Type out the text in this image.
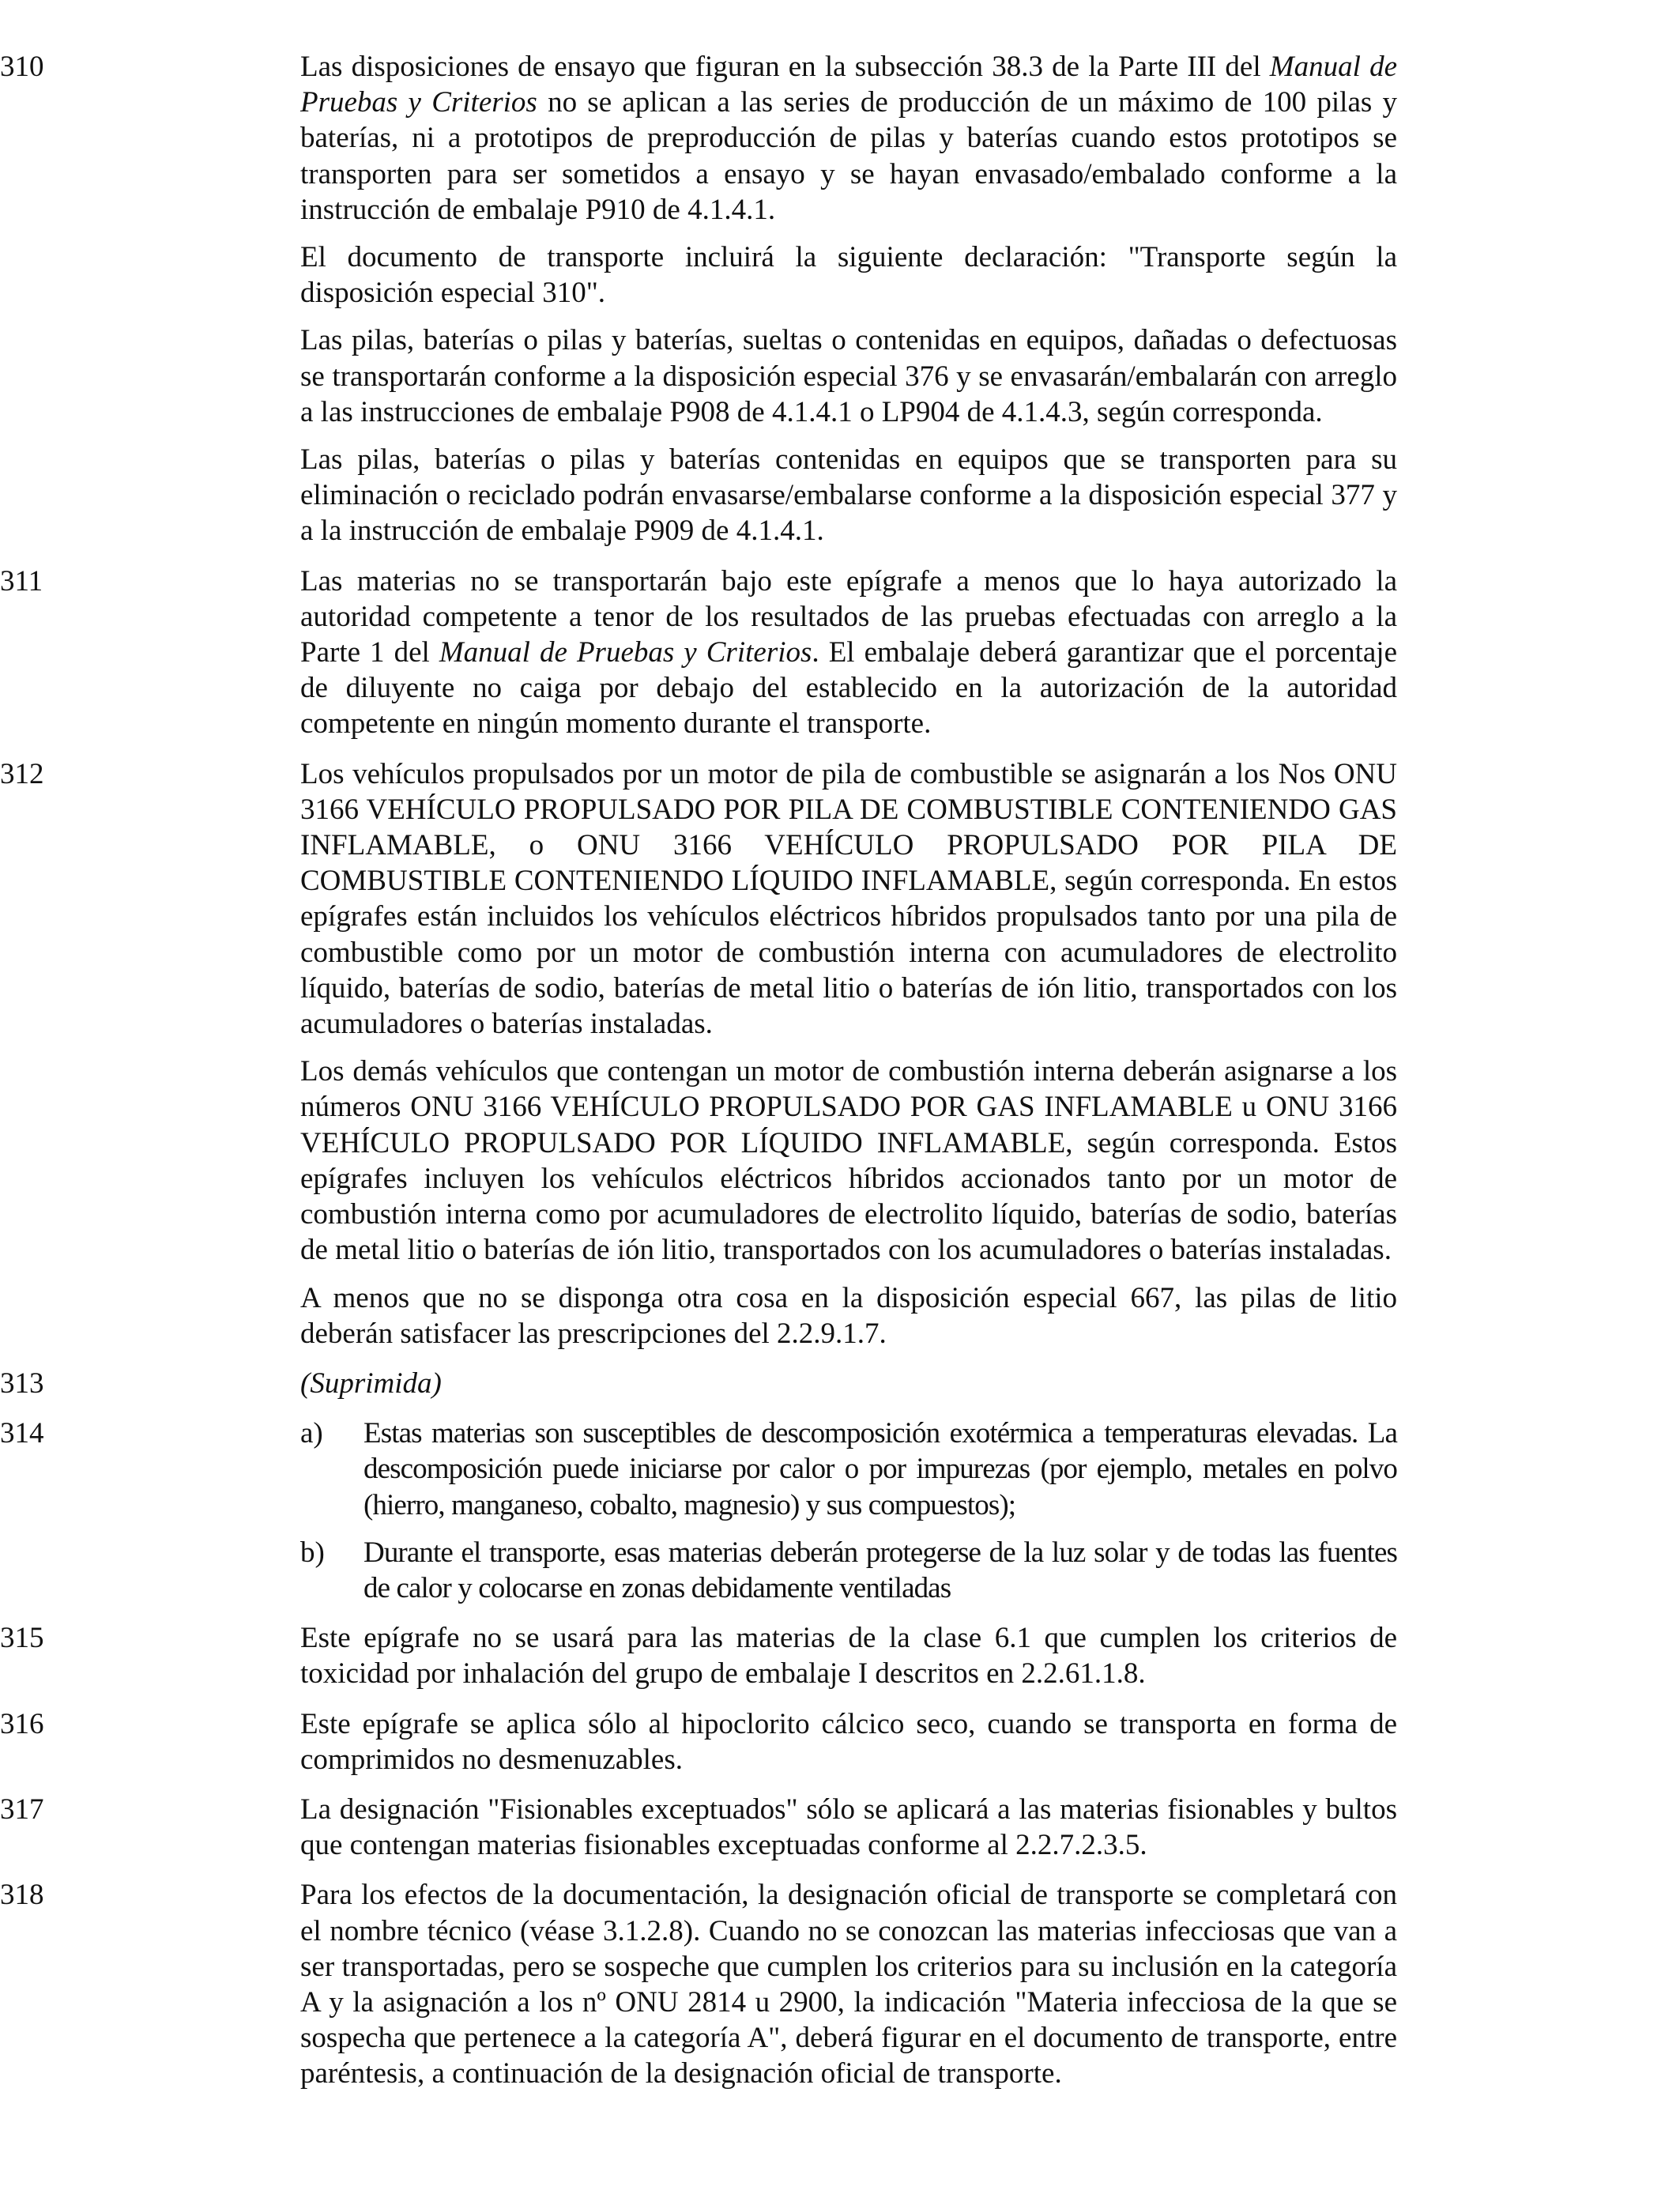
310	Las disposiciones de ensayo que figuran en la subsección 38.3 de la Parte III del Manual de Pruebas y Criterios no se aplican a las series de producción de un máximo de 100 pilas y baterías, ni a prototipos de preproducción de pilas y baterías cuando estos prototipos se transporten para ser sometidos a ensayo y se hayan envasado/embalado conforme a la instrucción de embalaje P910 de 4.1.4.1.
El documento de transporte incluirá la siguiente declaración: "Transporte según la disposición especial 310".
Las pilas, baterías o pilas y baterías, sueltas o contenidas en equipos, dañadas o defectuosas se transportarán conforme a la disposición especial 376 y se envasarán/embalarán con arreglo a las instrucciones de embalaje P908 de 4.1.4.1 o LP904 de 4.1.4.3, según corresponda.
Las pilas, baterías o pilas y baterías contenidas en equipos que se transporten para su eliminación o reciclado podrán envasarse/embalarse conforme a la disposición especial 377 y a la instrucción de embalaje P909 de 4.1.4.1.
311	Las materias no se transportarán bajo este epígrafe a menos que lo haya autorizado la autoridad competente a tenor de los resultados de las pruebas efectuadas con arreglo a la Parte 1 del Manual de Pruebas y Criterios. El embalaje deberá garantizar que el porcentaje de diluyente no caiga por debajo del establecido en la autorización de la autoridad competente en ningún momento durante el transporte.
312	Los vehículos propulsados por un motor de pila de combustible se asignarán a los Nos ONU 3166 VEHÍCULO PROPULSADO POR PILA DE COMBUSTIBLE CONTENIENDO GAS INFLAMABLE, o ONU 3166 VEHÍCULO PROPULSADO POR PILA DE COMBUSTIBLE CONTENIENDO LÍQUIDO INFLAMABLE, según corresponda. En estos epígrafes están incluidos los vehículos eléctricos híbridos propulsados tanto por una pila de combustible como por un motor de combustión interna con acumuladores de electrolito líquido, baterías de sodio, baterías de metal litio o baterías de ión litio, transportados con los acumuladores o baterías instaladas.
Los demás vehículos que contengan un motor de combustión interna deberán asignarse a los números ONU 3166 VEHÍCULO PROPULSADO POR GAS INFLAMABLE u ONU 3166 VEHÍCULO PROPULSADO POR LÍQUIDO INFLAMABLE, según corresponda. Estos epígrafes incluyen los vehículos eléctricos híbridos accionados tanto por un motor de combustión interna como por acumuladores de electrolito líquido, baterías de sodio, baterías de metal litio o baterías de ión litio, transportados con los acumuladores o baterías instaladas.
A menos que no se disponga otra cosa en la disposición especial 667, las pilas de litio deberán satisfacer las prescripciones del 2.2.9.1.7.
313	(Suprimida)
314	a) Estas materias son susceptibles de descomposición exotérmica a temperaturas elevadas. La descomposición puede iniciarse por calor o por impurezas (por ejemplo, metales en polvo (hierro, manganeso, cobalto, magnesio) y sus compuestos);
b) Durante el transporte, esas materias deberán protegerse de la luz solar y de todas las fuentes de calor y colocarse en zonas debidamente ventiladas
315	Este epígrafe no se usará para las materias de la clase 6.1 que cumplen los criterios de toxicidad por inhalación del grupo de embalaje I descritos en 2.2.61.1.8.
316	Este epígrafe se aplica sólo al hipoclorito cálcico seco, cuando se transporta en forma de comprimidos no desmenuzables.
317	La designación "Fisionables exceptuados" sólo se aplicará a las materias fisionables y bultos que contengan materias fisionables exceptuadas conforme al 2.2.7.2.3.5.
318	Para los efectos de la documentación, la designación oficial de transporte se completará con el nombre técnico (véase 3.1.2.8). Cuando no se conozcan las materias infecciosas que van a ser transportadas, pero se sospeche que cumplen los criterios para su inclusión en la categoría A y la asignación a los nº ONU 2814 u 2900, la indicación "Materia infecciosa de la que se sospecha que pertenece a la categoría A", deberá figurar en el documento de transporte, entre paréntesis, a continuación de la designación oficial de transporte.
